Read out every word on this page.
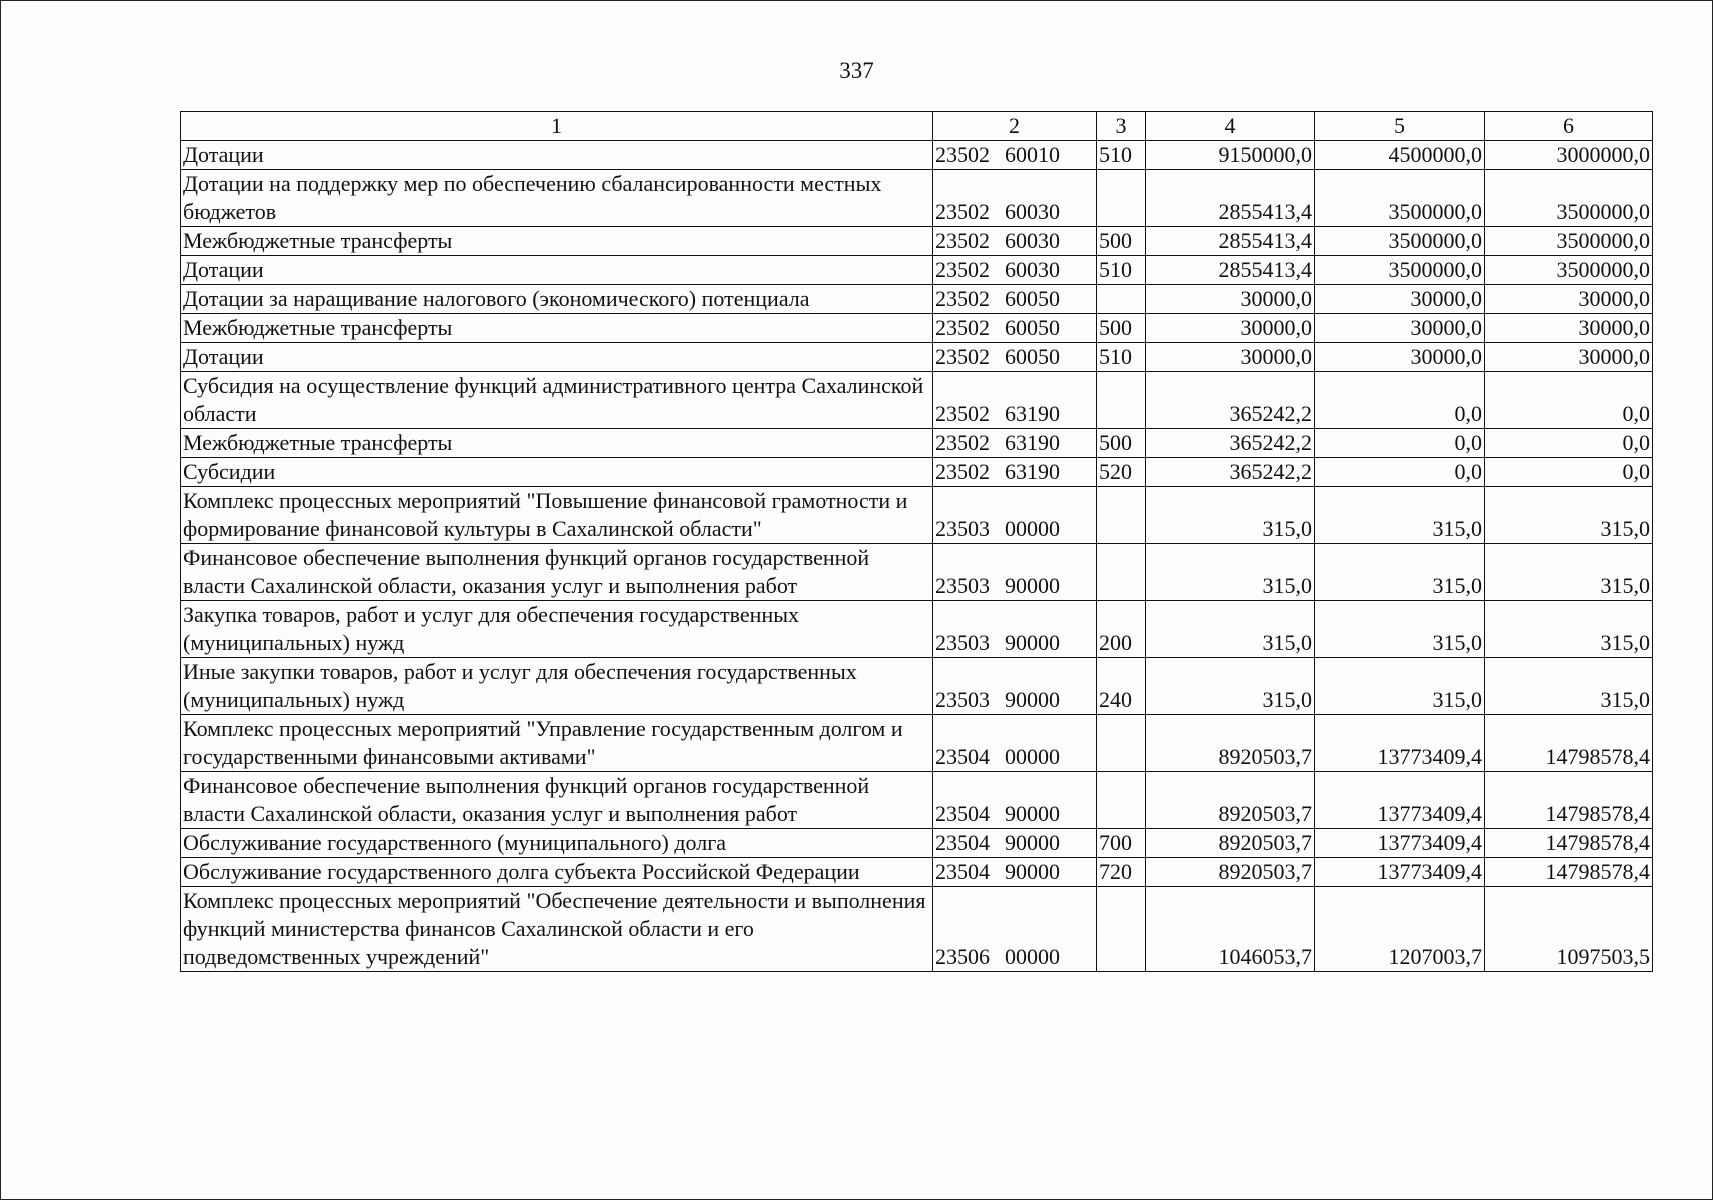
337
1	2	3	4	5	6
Дотации	23502 60010	510	9150000,0	4500000,0	3000000,0
Дотации на поддержку мер по обеспечению сбалансированности местных бюджетов	23502 60030		2855413,4	3500000,0	3500000,0
Межбюджетные трансферты	23502 60030	500	2855413,4	3500000,0	3500000,0
Дотации	23502 60030	510	2855413,4	3500000,0	3500000,0
Дотации за наращивание налогового (экономического) потенциала	23502 60050		30000,0	30000,0	30000,0
Межбюджетные трансферты	23502 60050	500	30000,0	30000,0	30000,0
Дотации	23502 60050	510	30000,0	30000,0	30000,0
Субсидия на осуществление функций административного центра Сахалинской области	23502 63190		365242,2	0,0	0,0
Межбюджетные трансферты	23502 63190	500	365242,2	0,0	0,0
Субсидии	23502 63190	520	365242,2	0,0	0,0
Комплекс процессных мероприятий "Повышение финансовой грамотности и формирование финансовой культуры в Сахалинской области"	23503 00000		315,0	315,0	315,0
Финансовое обеспечение выполнения функций органов государственной власти Сахалинской области, оказания услуг и выполнения работ	23503 90000		315,0	315,0	315,0
Закупка товаров, работ и услуг для обеспечения государственных (муниципальных) нужд	23503 90000	200	315,0	315,0	315,0
Иные закупки товаров, работ и услуг для обеспечения государственных (муниципальных) нужд	23503 90000	240	315,0	315,0	315,0
Комплекс процессных мероприятий "Управление государственным долгом и государственными финансовыми активами"	23504 00000		8920503,7	13773409,4	14798578,4
Финансовое обеспечение выполнения функций органов государственной власти Сахалинской области, оказания услуг и выполнения работ	23504 90000		8920503,7	13773409,4	14798578,4
Обслуживание государственного (муниципального) долга	23504 90000	700	8920503,7	13773409,4	14798578,4
Обслуживание государственного долга субъекта Российской Федерации	23504 90000	720	8920503,7	13773409,4	14798578,4
Комплекс процессных мероприятий "Обеспечение деятельности и выполнения функций министерства финансов Сахалинской области и его подведомственных учреждений"	23506 00000		1046053,7	1207003,7	1097503,5
